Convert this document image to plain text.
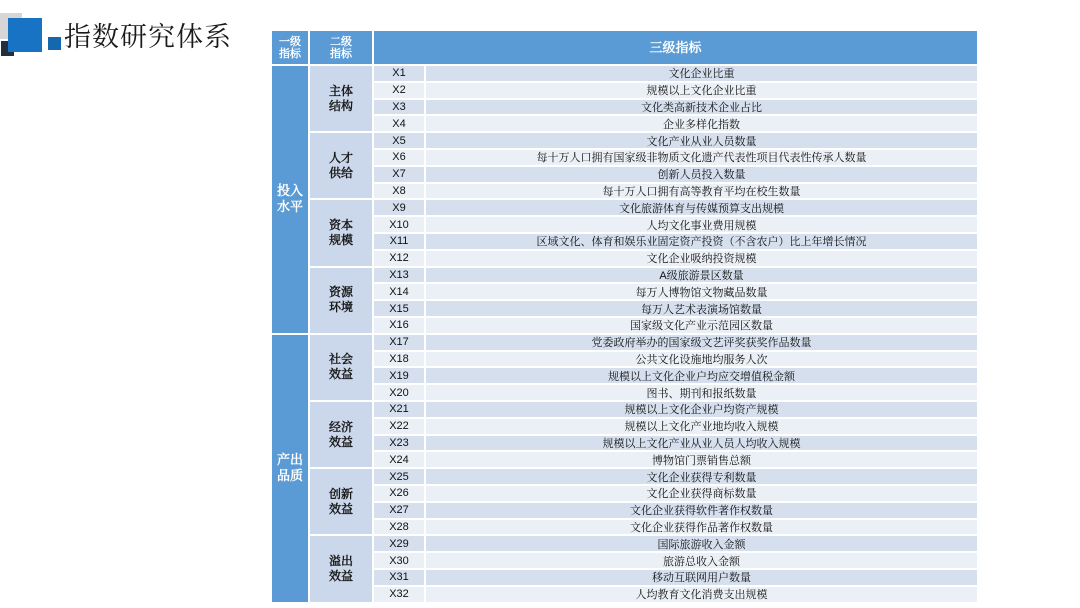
指数研究体系	一级指标
二级指标	三级指标
投入水平
主体结构
X1	文化企业比重
X2	规模以上文化企业比重
X3	文化类高新技术企业占比
X4	企业多样化指数
人才供给
X5	文化产业从业人员数量
X6	每十万人口拥有国家级非物质文化遗产代表性项目代表性传承人数量
X7	创新人员投入数量
X8	每十万人口拥有高等教育平均在校生数量
资本规模
X9	文化旅游体育与传媒预算支出规模
X10	人均文化事业费用规模
X11	区域文化、体育和娱乐业固定资产投资（不含农户）比上年增长情况
X12	文化企业吸纳投资规模
资源环境
X13	A级旅游景区数量
X14	每万人博物馆文物藏品数量
X15	每万人艺术表演场馆数量
X16	国家级文化产业示范园区数量
产出品质
社会效益
X17	党委政府举办的国家级文艺评奖获奖作品数量
X18	公共文化设施地均服务人次
X19	规模以上文化企业户均应交增值税金额
X20	图书、期刊和报纸数量
经济效益
X21	规模以上文化企业户均资产规模
X22	规模以上文化产业地均收入规模
X23	规模以上文化产业从业人员人均收入规模
X24	博物馆门票销售总额
创新效益
X25	文化企业获得专利数量
X26	文化企业获得商标数量
X27	文化企业获得软件著作权数量
X28	文化企业获得作品著作权数量
溢出效益
X29	国际旅游收入金额
X30	旅游总收入金额
X31	移动互联网用户数量
X32	人均教育文化消费支出规模
